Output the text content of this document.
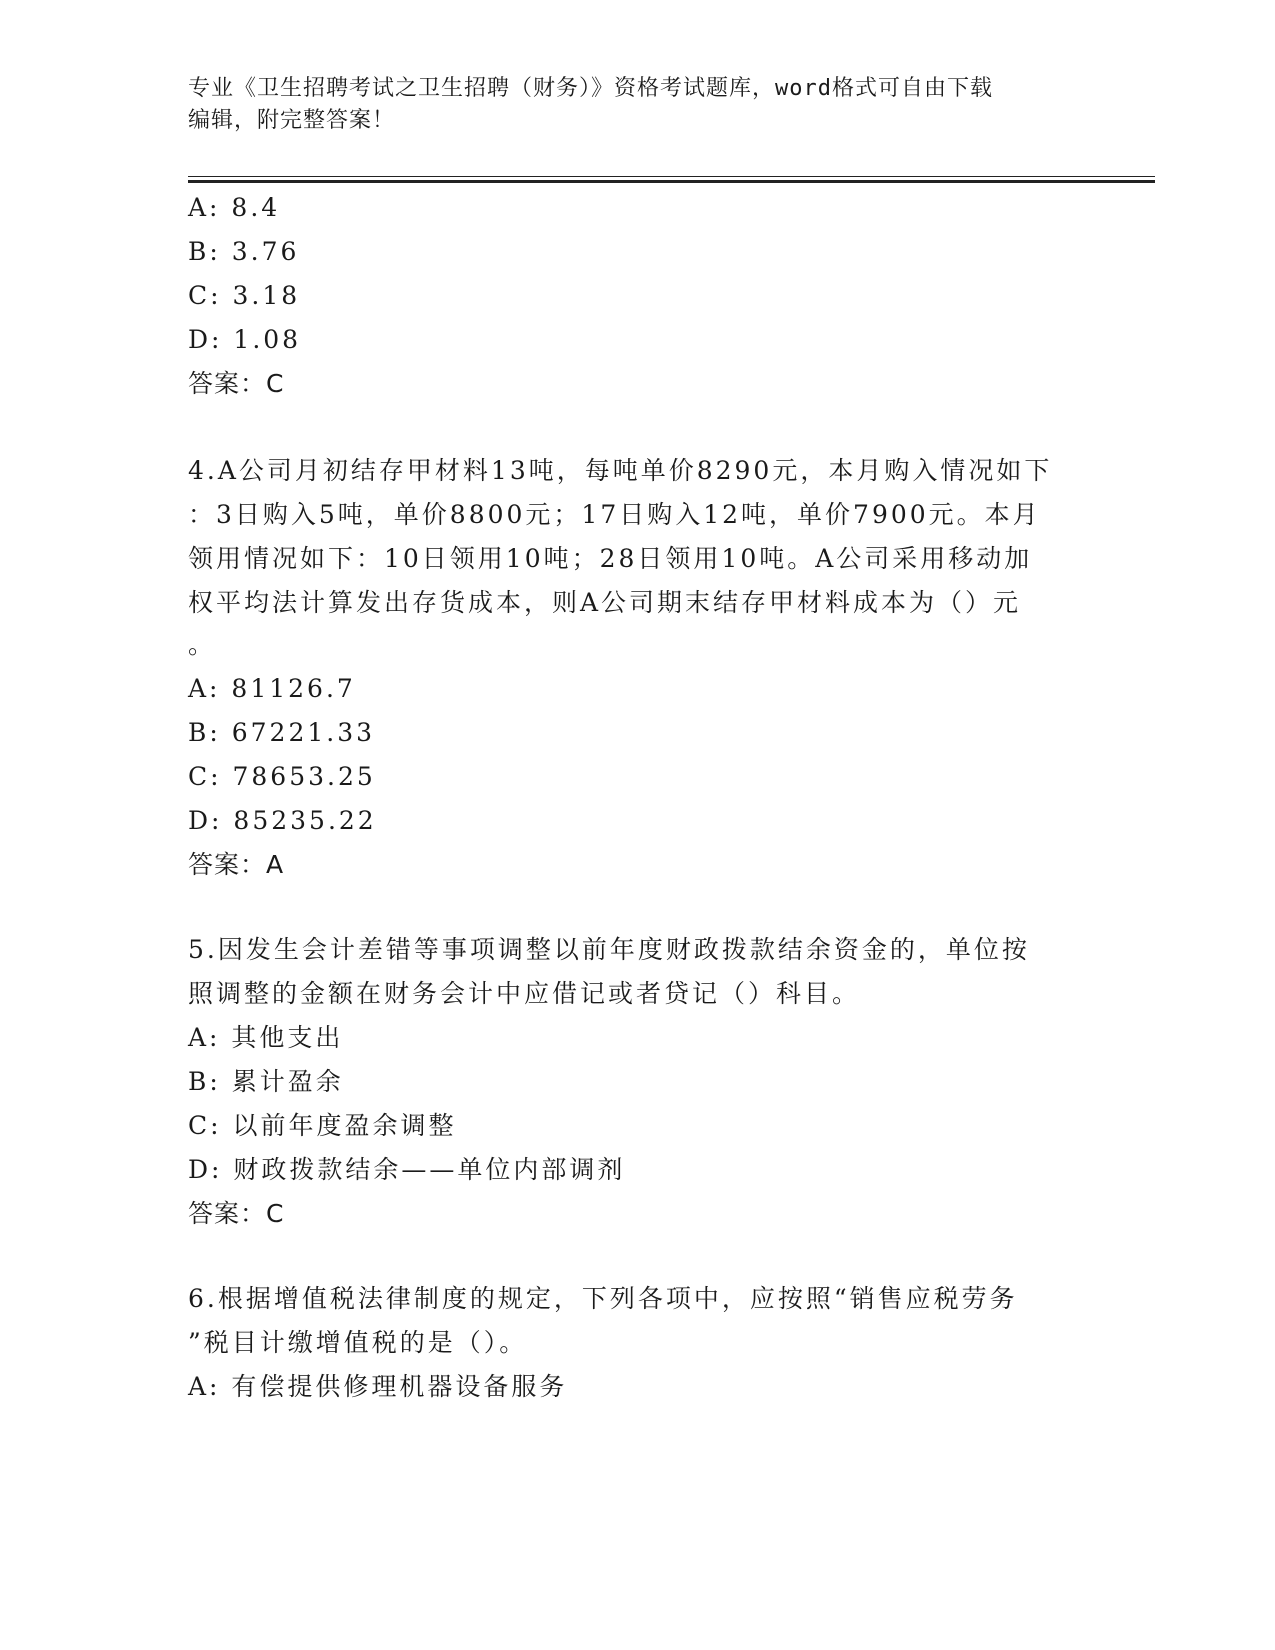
专业《卫生招聘考试之卫生招聘（财务）》资格考试题库，word格式可自由下载
编辑，附完整答案！
A: 8.4
B: 3.76
C: 3.18
D: 1.08
答案：C
4.A公司月初结存甲材料13吨，每吨单价8290元，本月购入情况如下
：3日购入5吨，单价8800元；17日购入12吨，单价7900元。本月
领用情况如下：10日领用10吨；28日领用10吨。A公司采用移动加
权平均法计算发出存货成本，则A公司期末结存甲材料成本为（）元
。
A: 81126.7
B: 67221.33
C: 78653.25
D: 85235.22
答案：A
5.因发生会计差错等事项调整以前年度财政拨款结余资金的，单位按
照调整的金额在财务会计中应借记或者贷记（）科目。
A: 其他支出
B: 累计盈余
C: 以前年度盈余调整
D: 财政拨款结余——单位内部调剂
答案：C
6.根据增值税法律制度的规定，下列各项中，应按照“销售应税劳务
”税目计缴增值税的是（）。
A: 有偿提供修理机器设备服务
